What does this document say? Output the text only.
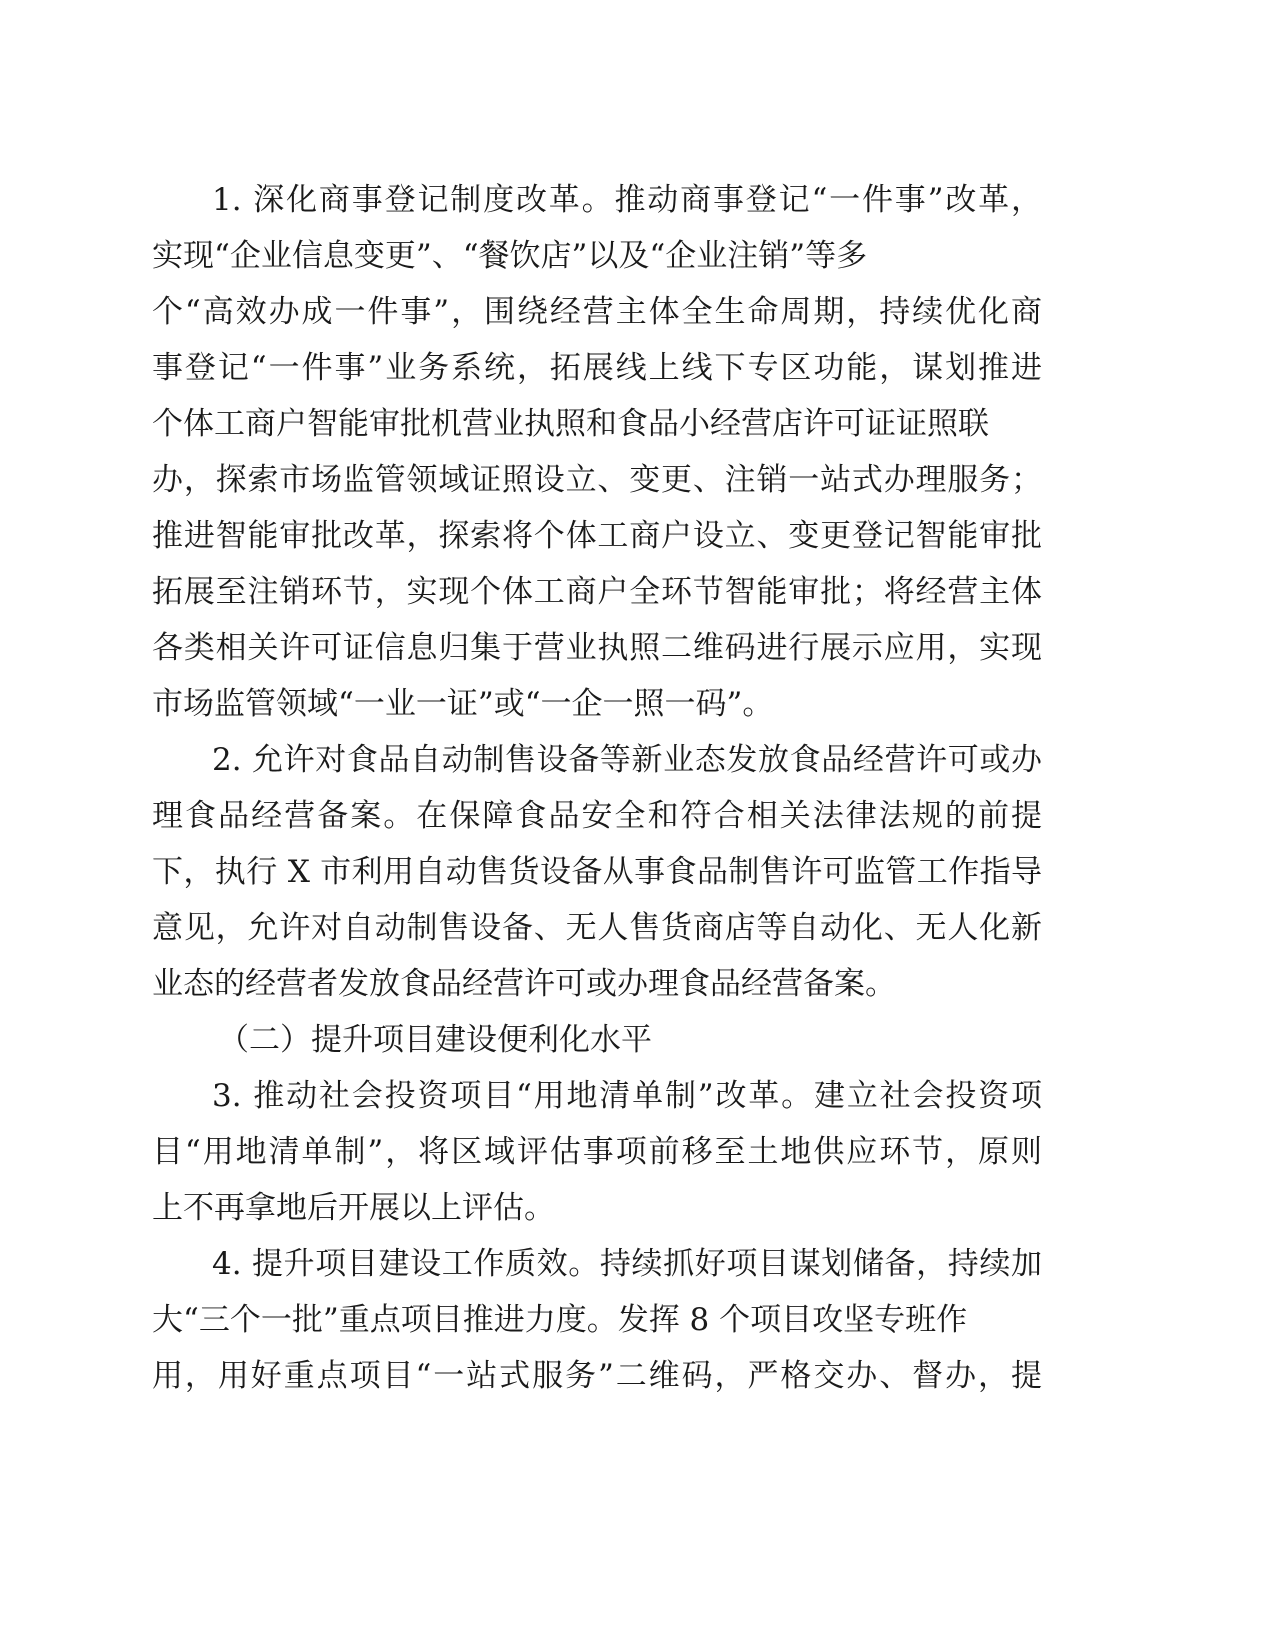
1. 深化商事登记制度改革。推动商事登记“一件事”改革，
实现“企业信息变更”、“餐饮店”以及“企业注销”等多
个“高效办成一件事”，围绕经营主体全生命周期，持续优化商
事登记“一件事”业务系统，拓展线上线下专区功能，谋划推进
个体工商户智能审批机营业执照和食品小经营店许可证证照联
办，探索市场监管领域证照设立、变更、注销一站式办理服务；
推进智能审批改革，探索将个体工商户设立、变更登记智能审批
拓展至注销环节，实现个体工商户全环节智能审批；将经营主体
各类相关许可证信息归集于营业执照二维码进行展示应用，实现
市场监管领域“一业一证”或“一企一照一码”。
2. 允许对食品自动制售设备等新业态发放食品经营许可或办
理食品经营备案。在保障食品安全和符合相关法律法规的前提
下，执行 X 市利用自动售货设备从事食品制售许可监管工作指导
意见，允许对自动制售设备、无人售货商店等自动化、无人化新
业态的经营者发放食品经营许可或办理食品经营备案。
（二）提升项目建设便利化水平
3. 推动社会投资项目“用地清单制”改革。建立社会投资项
目“用地清单制”，将区域评估事项前移至土地供应环节，原则
上不再拿地后开展以上评估。
4. 提升项目建设工作质效。持续抓好项目谋划储备，持续加
大“三个一批”重点项目推进力度。发挥 8 个项目攻坚专班作
用，用好重点项目“一站式服务”二维码，严格交办、督办，提
